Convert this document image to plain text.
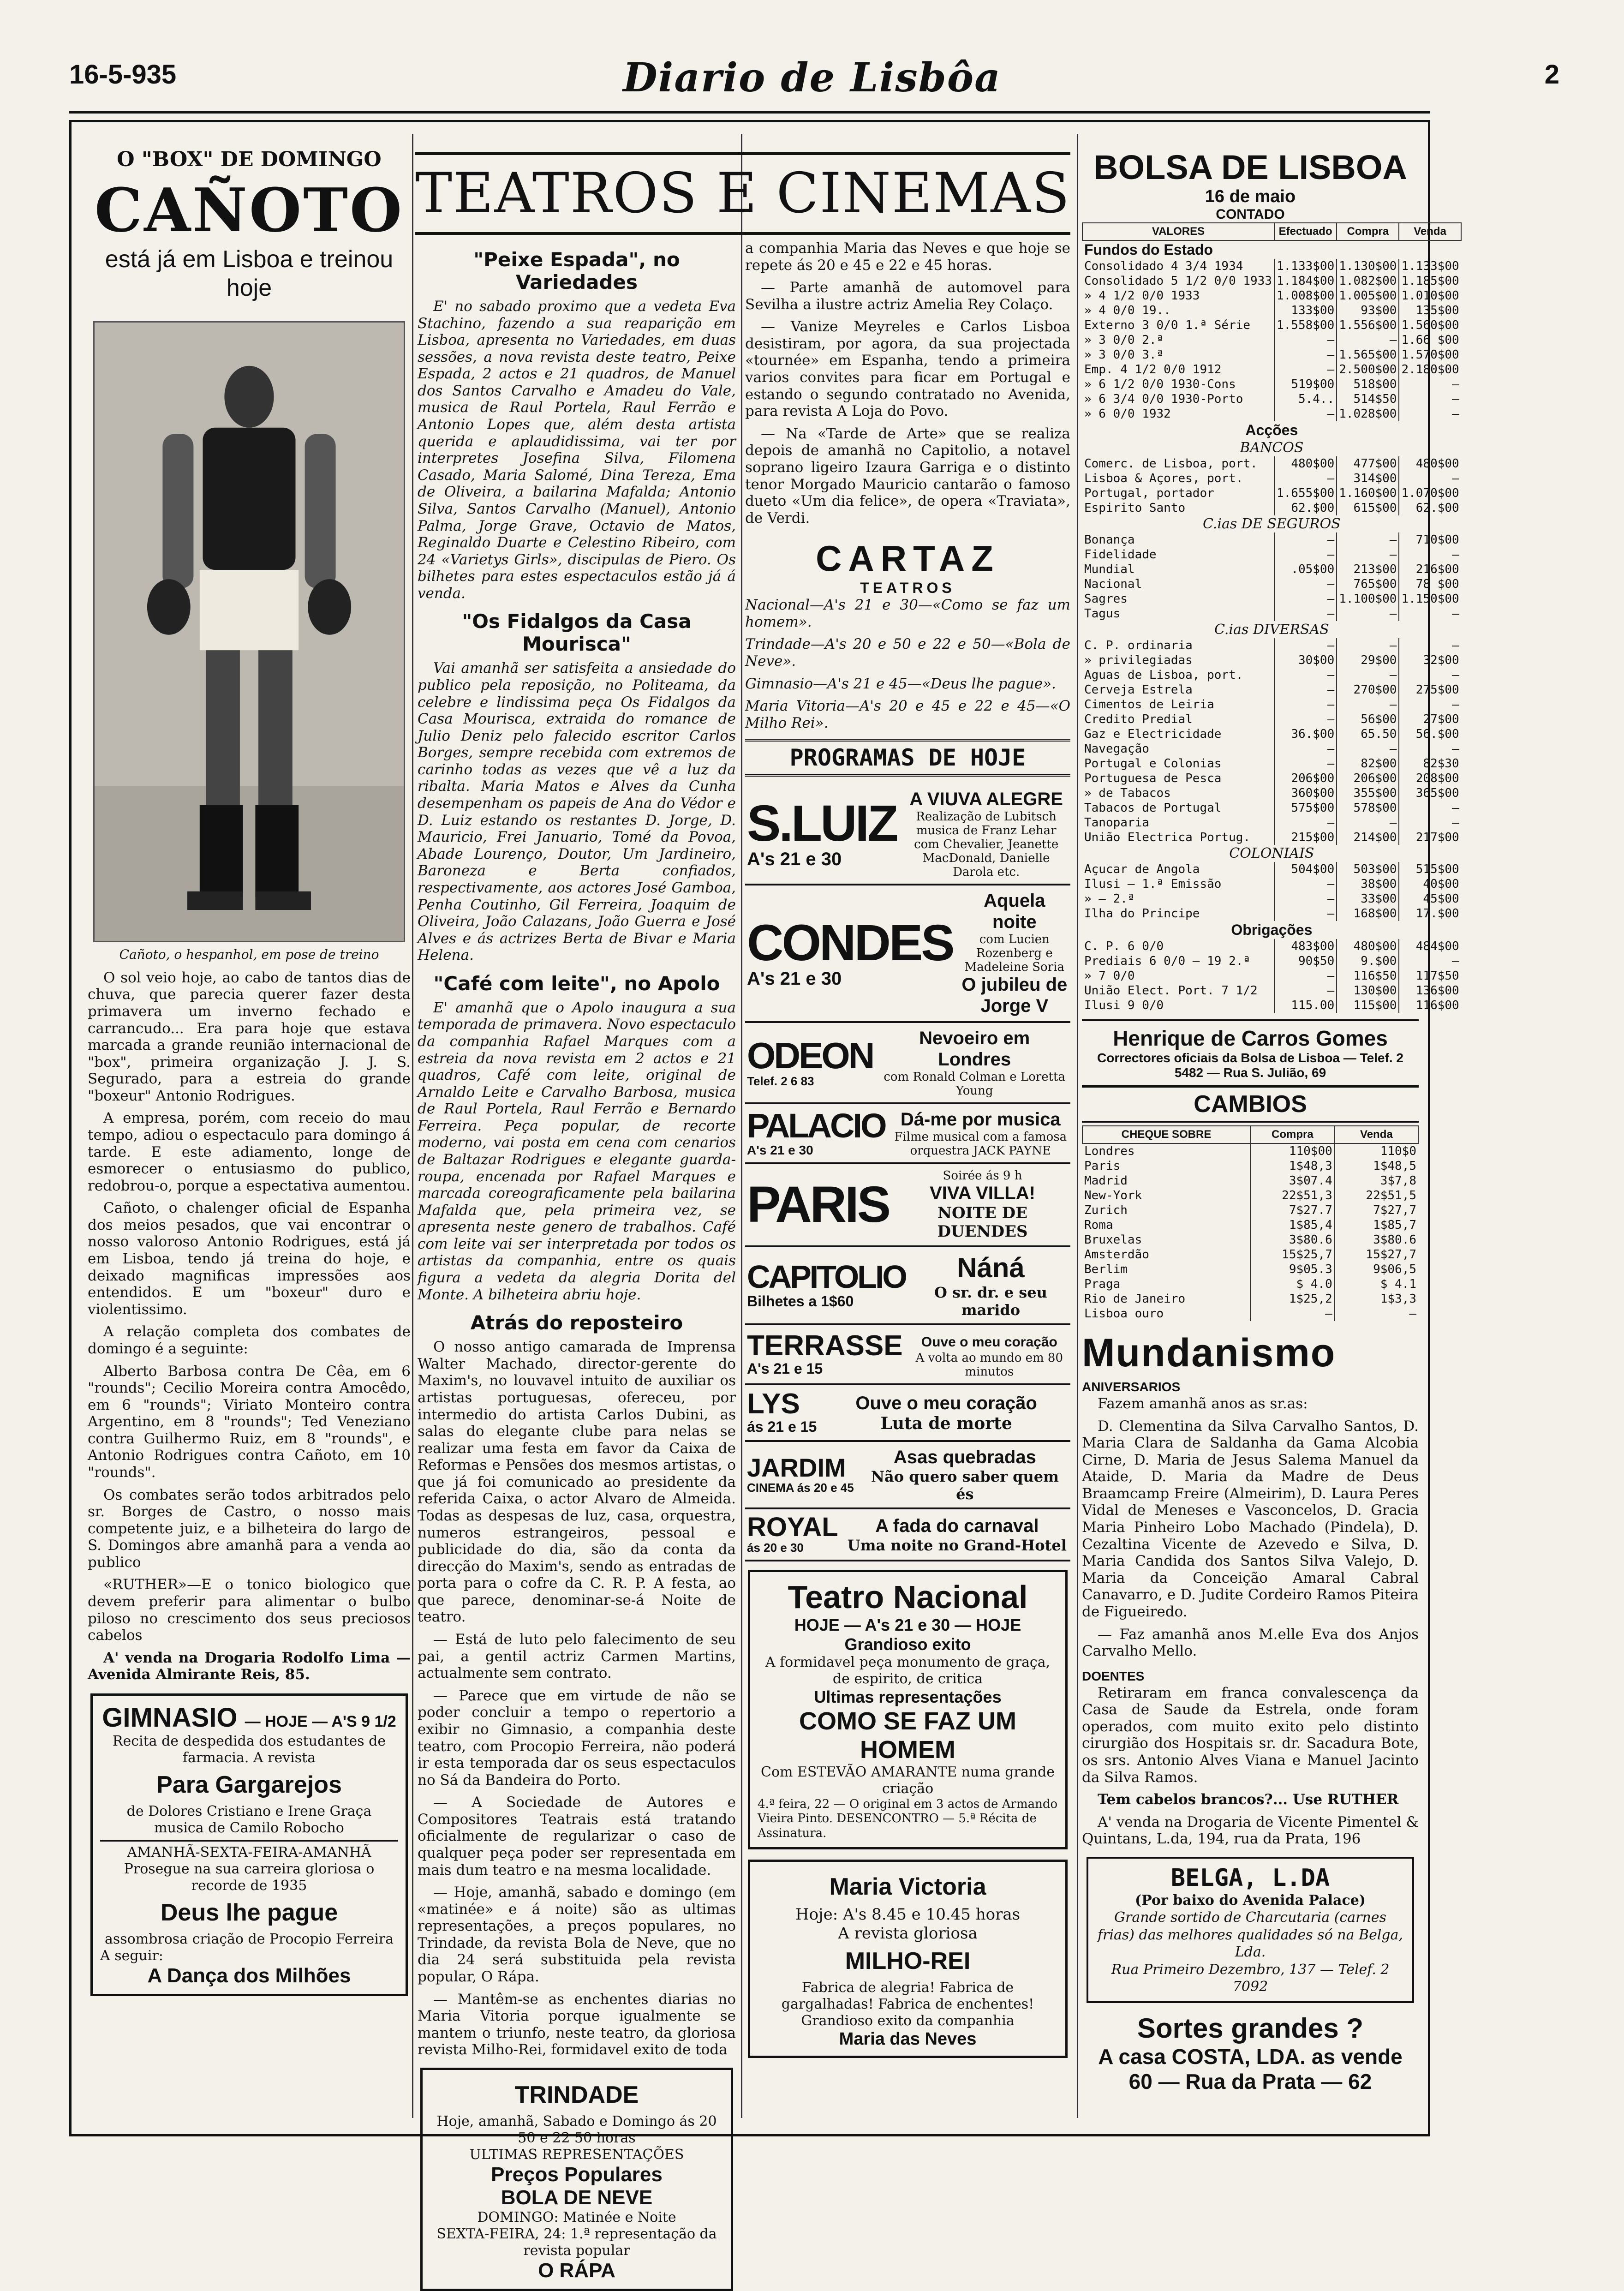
16-5-935	Diario de Lisbôa	2
O "BOX" DE DOMINGO
CAÑOTO
está já em Lisboa e treinou hoje
Cañoto, o hespanhol, em pose de treino

O sol veio hoje, ao cabo de tantos dias de chuva, que parecia querer fazer desta primavera um inverno fechado e carrancudo... Era para hoje que estava marcada a grande reunião internacional de "box", primeira organização J. J. S. Segurado, para a estreia do grande "boxeur" Antonio Rodrigues.

A empresa, porém, com receio do mau tempo, adiou o espectaculo para domingo á tarde. E este adiamento, longe de esmorecer o entusiasmo do publico, redobrou-o, porque a espectativa aumentou.

Cañoto, o chalenger oficial de Espanha dos meios pesados, que vai encontrar o nosso valoroso Antonio Rodrigues, está já em Lisboa, tendo já treina do hoje, e deixado magnificas impressões aos entendidos. E um "boxeur" duro e violentissimo.

A relação completa dos combates de domingo é a seguinte:

Alberto Barbosa contra De Cêa, em 6 "rounds"; Cecilio Moreira contra Amocêdo, em 6 "rounds"; Viriato Monteiro contra Argentino, em 8 "rounds"; Ted Veneziano contra Guilhermo Ruiz, em 8 "rounds", e Antonio Rodrigues contra Cañoto, em 10 "rounds".

Os combates serão todos arbitrados pelo sr. Borges de Castro, o nosso mais competente juiz, e a bilheteira do largo de S. Domingos abre amanhã para a venda ao publico

«RUTHER»—E o tonico biologico que devem preferir para alimentar o bulbo piloso no crescimento dos seus preciosos cabelos

A' venda na Drogaria Rodolfo Lima —Avenida Almirante Reis, 85.

GIMNASIO — HOJE — A'S 9 1/2
Recita de despedida dos estudantes de farmacia. A revista
Para Gargarejos
de Dolores Cristiano e Irene Graça musica de Camilo Robocho
AMANHÃ-SEXTA-FEIRA-AMANHÃ Prosegue na sua carreira gloriosa o recorde de 1935
Deus lhe pague
assombrosa criação de Procopio Ferreira
A seguir:
A Dança dos Milhões
TEATROS E CINEMAS
"Peixe Espada", no Variedades

E' no sabado proximo que a vedeta Eva Stachino, fazendo a sua reaparição em Lisboa, apresenta no Variedades, em duas sessões, a nova revista deste teatro, Peixe Espada, 2 actos e 21 quadros, de Manuel dos Santos Carvalho e Amadeu do Vale, musica de Raul Portela, Raul Ferrão e Antonio Lopes que, além desta artista querida e aplaudidissima, vai ter por interpretes Josefina Silva, Filomena Casado, Maria Salomé, Dina Tereza, Ema de Oliveira, a bailarina Mafalda; Antonio Silva, Santos Carvalho (Manuel), Antonio Palma, Jorge Grave, Octavio de Matos, Reginaldo Duarte e Celestino Ribeiro, com 24 «Varietys Girls», discipulas de Piero. Os bilhetes para estes espectaculos estão já á venda.

"Os Fidalgos da Casa Mourisca"

Vai amanhã ser satisfeita a ansiedade do publico pela reposição, no Politeama, da celebre e lindissima peça Os Fidalgos da Casa Mourisca, extraida do romance de Julio Deniz pelo falecido escritor Carlos Borges, sempre recebida com extremos de carinho todas as vezes que vê a luz da ribalta. Maria Matos e Alves da Cunha desempenham os papeis de Ana do Védor e D. Luiz estando os restantes D. Jorge, D. Mauricio, Frei Januario, Tomé da Povoa, Abade Lourenço, Doutor, Um Jardineiro, Baroneza e Berta confiados, respectivamente, aos actores José Gamboa, Penha Coutinho, Gil Ferreira, Joaquim de Oliveira, João Calazans, João Guerra e José Alves e ás actrizes Berta de Bivar e Maria Helena.

"Café com leite", no Apolo

E' amanhã que o Apolo inaugura a sua temporada de primavera. Novo espectaculo da companhia Rafael Marques com a estreia da nova revista em 2 actos e 21 quadros, Café com leite, original de Arnaldo Leite e Carvalho Barbosa, musica de Raul Portela, Raul Ferrão e Bernardo Ferreira. Peça popular, de recorte moderno, vai posta em cena com cenarios de Baltazar Rodrigues e elegante guarda-roupa, encenada por Rafael Marques e marcada coreograficamente pela bailarina Mafalda que, pela primeira vez, se apresenta neste genero de trabalhos. Café com leite vai ser interpretada por todos os artistas da companhia, entre os quais figura a vedeta da alegria Dorita del Monte. A bilheteira abriu hoje.

Atrás do reposteiro

O nosso antigo camarada de Imprensa Walter Machado, director-gerente do Maxim's, no louvavel intuito de auxiliar os artistas portuguesas, ofereceu, por intermedio do artista Carlos Dubini, as salas do elegante clube para nelas se realizar uma festa em favor da Caixa de Reformas e Pensões dos mesmos artistas, o que já foi comunicado ao presidente da referida Caixa, o actor Alvaro de Almeida. Todas as despesas de luz, casa, orquestra, numeros estrangeiros, pessoal e publicidade do dia, são da conta da direcção do Maxim's, sendo as entradas de porta para o cofre da C. R. P. A festa, ao que parece, denominar-se-á Noite de teatro.

— Está de luto pelo falecimento de seu pai, a gentil actriz Carmen Martins, actualmente sem contrato.

— Parece que em virtude de não se poder concluir a tempo o repertorio a exibir no Gimnasio, a companhia deste teatro, com Procopio Ferreira, não poderá ir esta temporada dar os seus espectaculos no Sá da Bandeira do Porto.

— A Sociedade de Autores e Compositores Teatrais está tratando oficialmente de regularizar o caso de qualquer peça poder ser representada em mais dum teatro e na mesma localidade.

— Hoje, amanhã, sabado e domingo (em «matinée» e á noite) são as ultimas representações, a preços populares, no Trindade, da revista Bola de Neve, que no dia 24 será substituida pela revista popular, O Rápa.

— Mantêm-se as enchentes diarias no Maria Vitoria porque igualmente se mantem o triunfo, neste teatro, da gloriosa revista Milho-Rei, formidavel exito de toda

TRINDADE
Hoje, amanhã, Sabado e Domingo ás 20 50 e 22 50 horas
ULTIMAS REPRESENTAÇÕES
Preços Populares
BOLA DE NEVE
DOMINGO: Matinée e Noite
SEXTA-FEIRA, 24: 1.ª representação da revista popular
O RÁPA

a companhia Maria das Neves e que hoje se repete ás 20 e 45 e 22 e 45 horas.

— Parte amanhã de automovel para Sevilha a ilustre actriz Amelia Rey Colaço.

— Vanize Meyreles e Carlos Lisboa desistiram, por agora, da sua projectada «tournée» em Espanha, tendo a primeira varios convites para ficar em Portugal e estando o segundo contratado no Avenida, para revista A Loja do Povo.

— Na «Tarde de Arte» que se realiza depois de amanhã no Capitolio, a notavel soprano ligeiro Izaura Garriga e o distinto tenor Morgado Mauricio cantarão o famoso dueto «Um dia felice», de opera «Traviata», de Verdi.

CARTAZ
TEATROS

Nacional—A's 21 e 30—«Como se faz um homem».

Trindade—A's 20 e 50 e 22 e 50—«Bola de Neve».

Gimnasio—A's 21 e 45—«Deus lhe pague».

Maria Vitoria—A's 20 e 45 e 22 e 45—«O Milho Rei».

PROGRAMAS DE HOJE
S.LUIZ
A's 21 e 30
A VIUVA ALEGRE
Realização de Lubitsch musica de Franz Lehar com Chevalier, Jeanette MacDonald, Danielle Darola etc.
CONDES
A's 21 e 30
Aquela noite
com Lucien Rozenberg e Madeleine Soria
O jubileu de Jorge V
ODEON
Telef. 2 6 83
Nevoeiro em Londres
com Ronald Colman e Loretta Young
PALACIO
A's 21 e 30
Dá-me por musica
Filme musical com a famosa orquestra JACK PAYNE
PARIS
Soirée ás 9 h
VIVA VILLA!
NOITE DE DUENDES
CAPITOLIO
Bilhetes a 1$60
Náná
O sr. dr. e seu marido
TERRASSE
A's 21 e 15
Ouve o meu coração
A volta ao mundo em 80 minutos
LYS
ás 21 e 15
Ouve o meu coração
Luta de morte
JARDIM
CINEMA ás 20 e 45
Asas quebradas
Não quero saber quem és
ROYAL
ás 20 e 30
A fada do carnaval
Uma noite no Grand-Hotel
Teatro Nacional
HOJE — A's 21 e 30 — HOJE
Grandioso exito
A formidavel peça monumento de graça, de espirito, de critica
Ultimas representações
COMO SE FAZ UM HOMEM
Com ESTEVÃO AMARANTE numa grande criação
4.ª feira, 22 — O original em 3 actos de Armando Vieira Pinto. DESENCONTRO — 5.ª Récita de Assinatura.
Maria Victoria
Hoje: A's 8.45 e 10.45 horas
A revista gloriosa
MILHO-REI
Fabrica de alegria! Fabrica de gargalhadas! Fabrica de enchentes!
Grandioso exito da companhia
Maria das Neves
BOLSA DE LISBOA
16 de maio
CONTADO
VALORES	Efectuado	Compra	Venda
Fundos do Estado			
Consolidado 4 3/4 1934	1.133$00	1.130$00	1.133$00
Consolidado 5 1/2 0/0 1933	1.184$00	1.082$00	1.185$00
» 4 1/2 0/0 1933	1.008$00	1.005$00	1.010$00
» 4 0/0 19..	133$00	93$00	135$00
Externo 3 0/0 1.ª Série	1.558$00	1.556$00	1.560$00
» 3 0/0 2.ª	—	—	1.66 $00
» 3 0/0 3.ª	—	1.565$00	1.570$00
Emp. 4 1/2 0/0 1912	—	2.500$00	2.180$00
» 6 1/2 0/0 1930-Cons	519$00	518$00	—
» 6 3/4 0/0 1930-Porto	5.4..	514$50	—
» 6 0/0 1932	—	1.028$00	—
Acções			
BANCOS			
Comerc. de Lisboa, port.	480$00	477$00	480$00
Lisboa & Açores, port.	—	314$00	—
Portugal, portador	1.655$00	1.160$00	1.070$00
Espirito Santo	62.$00	615$00	62.$00
C.ias DE SEGUROS			
Bonança	—	—	710$00
Fidelidade	—	—	—
Mundial	.05$00	213$00	216$00
Nacional	—	765$00	78 $00
Sagres	—	1.100$00	1.150$00
Tagus	—	—	—
C.ias DIVERSAS			
C. P. ordinaria	—	—	—
» privilegiadas	30$00	29$00	32$00
Aguas de Lisboa, port.	—	—	—
Cerveja Estrela	—	270$00	275$00
Cimentos de Leiria	—	—	—
Credito Predial	—	56$00	27$00
Gaz e Electricidade	36.$00	65.50	56.$00
Navegação	—	—	—
Portugal e Colonias	—	82$00	82$30
Portuguesa de Pesca	206$00	206$00	208$00
» de Tabacos	360$00	355$00	365$00
Tabacos de Portugal	575$00	578$00	—
Tanoparia	—	—	—
União Electrica Portug.	215$00	214$00	217$00
COLONIAIS			
Açucar de Angola	504$00	503$00	515$00
Ilusi — 1.ª Emissão	—	38$00	40$00
» — 2.ª	—	33$00	45$00
Ilha do Principe	—	168$00	17.$00
Obrigações			
C. P. 6 0/0	483$00	480$00	484$00
Prediais 6 0/0 — 19 2.ª	90$50	9.$00	—
» 7 0/0	—	116$50	117$50
União Elect. Port. 7 1/2	—	130$00	136$00
Ilusi 9 0/0	115.00	115$00	116$00
Henrique de Carros Gomes
Correctores oficiais da Bolsa de Lisboa — Telef. 2 5482 — Rua S. Julião, 69
CAMBIOS
CHEQUE SOBRE	Compra	Venda
Londres	110$00	110$0
Paris	1$48,3	1$48,5
Madrid	3$07.4	3$7,8
New-York	22$51,3	22$51,5
Zurich	7$27.7	7$27,7
Roma	1$85,4	1$85,7
Bruxelas	3$80.6	3$80.6
Amsterdão	15$25,7	15$27,7
Berlim	9$05.3	9$06,5
Praga	$ 4.0	$ 4.1
Rio de Janeiro	1$25,2	1$3,3
Lisboa ouro	—	—
Mundanismo
ANIVERSARIOS

Fazem amanhã anos as sr.as:

D. Clementina da Silva Carvalho Santos, D. Maria Clara de Saldanha da Gama Alcobia Cirne, D. Maria de Jesus Salema Manuel da Ataide, D. Maria da Madre de Deus Braamcamp Freire (Almeirim), D. Laura Peres Vidal de Meneses e Vasconcelos, D. Gracia Maria Pinheiro Lobo Machado (Pindela), D. Cezaltina Vicente de Azevedo e Silva, D. Maria Candida dos Santos Silva Valejo, D. Maria da Conceição Amaral Cabral Canavarro, e D. Judite Cordeiro Ramos Piteira de Figueiredo.

— Faz amanhã anos M.elle Eva dos Anjos Carvalho Mello.

DOENTES

Retiraram em franca convalescença da Casa de Saude da Estrela, onde foram operados, com muito exito pelo distinto cirurgião dos Hospitais sr. dr. Sacadura Bote, os srs. Antonio Alves Viana e Manuel Jacinto da Silva Ramos.

Tem cabelos brancos?... Use RUTHER

A' venda na Drogaria de Vicente Pimentel & Quintans, L.da, 194, rua da Prata, 196

BELGA, L.DA
(Por baixo do Avenida Palace)
Grande sortido de Charcutaria (carnes frias) das melhores qualidades só na Belga, Lda.
Rua Primeiro Dezembro, 137 — Telef. 2 7092
Sortes grandes ?
A casa COSTA, LDA. as vende
60 — Rua da Prata — 62
